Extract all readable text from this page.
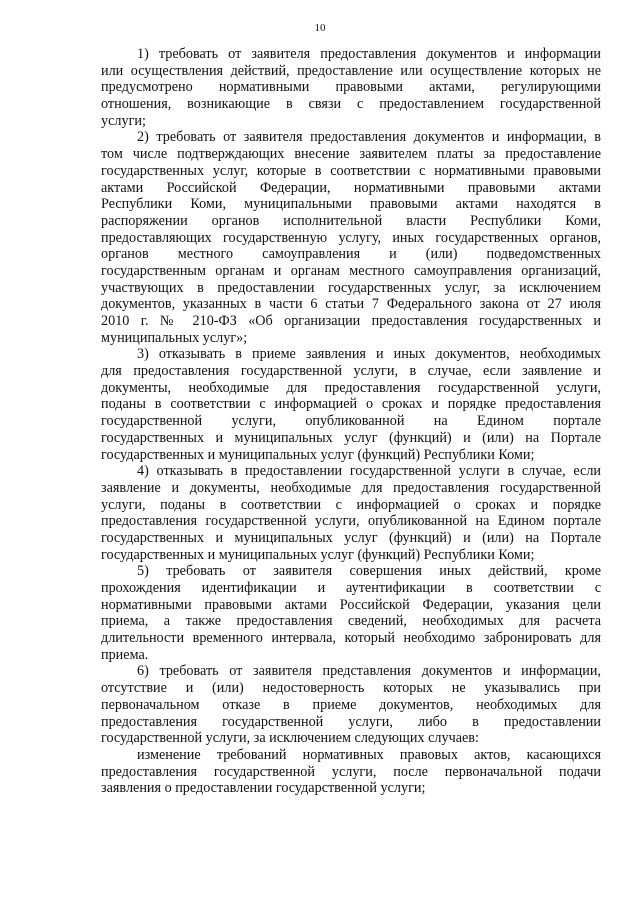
10
1) требовать от заявителя предоставления документов и информации
или осуществления действий, предоставление или осуществление которых не
предусмотрено нормативными правовыми актами, регулирующими
отношения, возникающие в связи с предоставлением государственной
услуги;
2) требовать от заявителя предоставления документов и информации, в
том числе подтверждающих внесение заявителем платы за предоставление
государственных услуг, которые в соответствии с нормативными правовыми
актами Российской Федерации, нормативными правовыми актами
Республики Коми, муниципальными правовыми актами находятся в
распоряжении органов исполнительной власти Республики Коми,
предоставляющих государственную услугу, иных государственных органов,
органов местного самоуправления и (или) подведомственных
государственным органам и органам местного самоуправления организаций,
участвующих в предоставлении государственных услуг, за исключением
документов, указанных в части 6 статьи 7 Федерального закона от 27 июля
2010 г. № 210-ФЗ «Об организации предоставления государственных и
муниципальных услуг»;
3) отказывать в приеме заявления и иных документов, необходимых
для предоставления государственной услуги, в случае, если заявление и
документы, необходимые для предоставления государственной услуги,
поданы в соответствии с информацией о сроках и порядке предоставления
государственной услуги, опубликованной на Едином портале
государственных и муниципальных услуг (функций) и (или) на Портале
государственных и муниципальных услуг (функций) Республики Коми;
4) отказывать в предоставлении государственной услуги в случае, если
заявление и документы, необходимые для предоставления государственной
услуги, поданы в соответствии с информацией о сроках и порядке
предоставления государственной услуги, опубликованной на Едином портале
государственных и муниципальных услуг (функций) и (или) на Портале
государственных и муниципальных услуг (функций) Республики Коми;
5) требовать от заявителя совершения иных действий, кроме
прохождения идентификации и аутентификации в соответствии с
нормативными правовыми актами Российской Федерации, указания цели
приема, а также предоставления сведений, необходимых для расчета
длительности временного интервала, который необходимо забронировать для
приема.
6) требовать от заявителя представления документов и информации,
отсутствие и (или) недостоверность которых не указывались при
первоначальном отказе в приеме документов, необходимых для
предоставления государственной услуги, либо в предоставлении
государственной услуги, за исключением следующих случаев:
изменение требований нормативных правовых актов, касающихся
предоставления государственной услуги, после первоначальной подачи
заявления о предоставлении государственной услуги;
